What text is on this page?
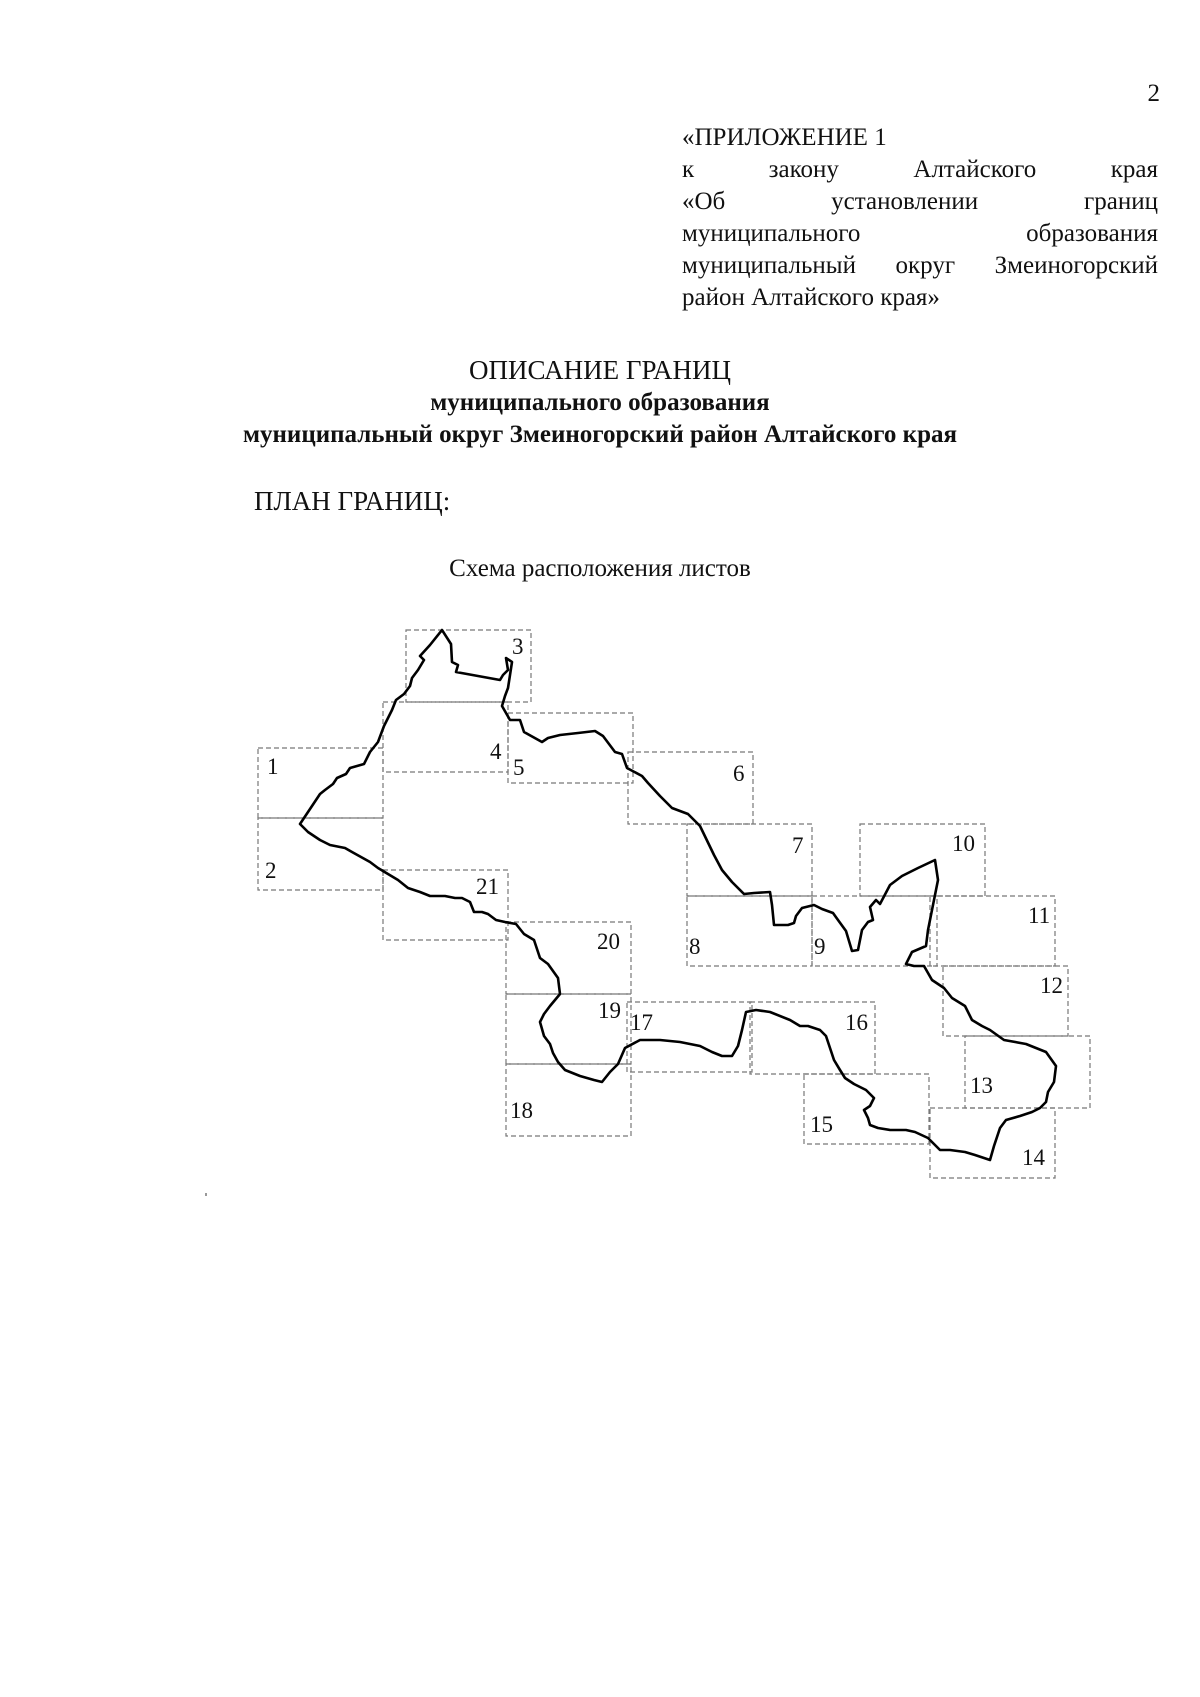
2
«ПРИЛОЖЕНИЕ 1
к закону Алтайского края
«Об установлении границ
муниципального образования
муниципальный округ Змеиногорский
район Алтайского края»
ОПИСАНИЕ ГРАНИЦ
муниципального образования
муниципальный округ Змеиногорский район Алтайского края
ПЛАН ГРАНИЦ:
Схема расположения листов
1
2
3
4
5	6
7
8	9
10
11
12
13
14
15
16
17
18
19
20
21
